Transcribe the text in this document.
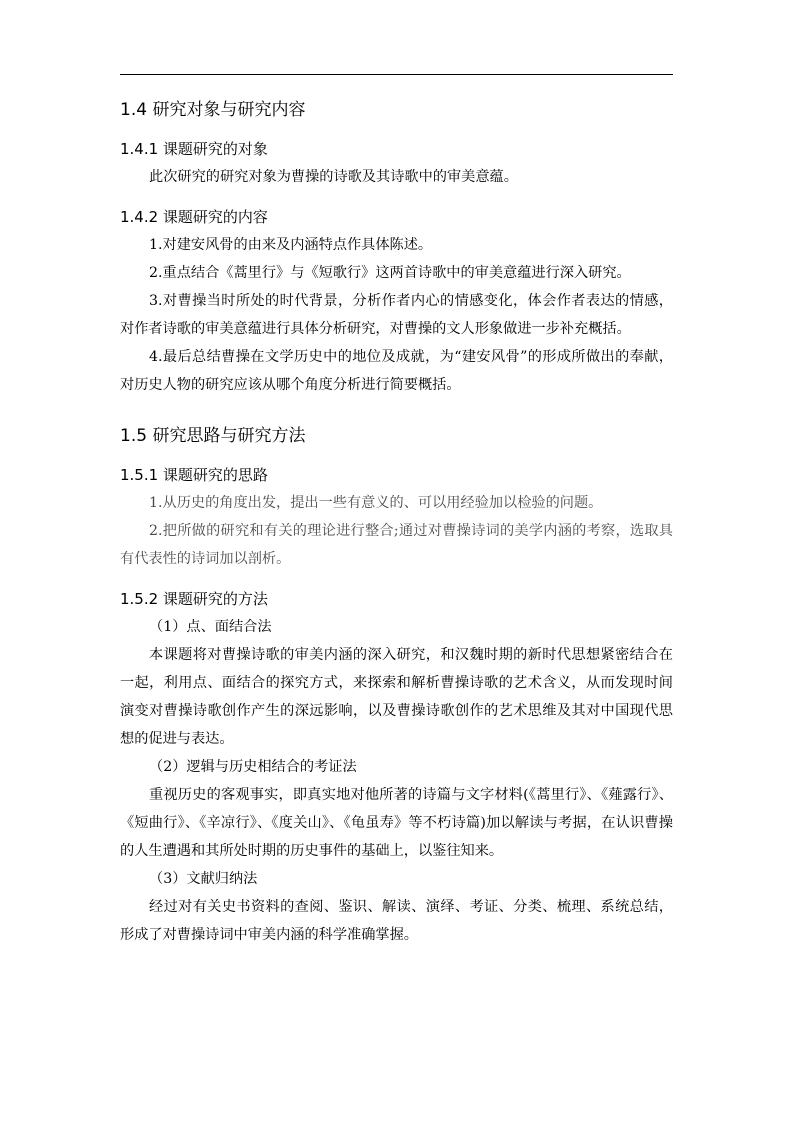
1.4 研究对象与研究内容
1.4.1 课题研究的对象

此次研究的研究对象为曹操的诗歌及其诗歌中的审美意蕴。

1.4.2 课题研究的内容

1.对建安风骨的由来及内涵特点作具体陈述。

2.重点结合《蒿里行》与《短歌行》这两首诗歌中的审美意蕴进行深入研究。

3.对曹操当时所处的时代背景，分析作者内心的情感变化，体会作者表达的情感，对作者诗歌的审美意蕴进行具体分析研究，对曹操的文人形象做进一步补充概括。

4.最后总结曹操在文学历史中的地位及成就，为“建安风骨”的形成所做出的奉献，对历史人物的研究应该从哪个角度分析进行简要概括。

1.5 研究思路与研究方法
1.5.1 课题研究的思路

1.从历史的角度出发，提出一些有意义的、可以用经验加以检验的问题。

2.把所做的研究和有关的理论进行整合;通过对曹操诗词的美学内涵的考察，选取具有代表性的诗词加以剖析。

1.5.2 课题研究的方法

（1）点、面结合法

本课题将对曹操诗歌的审美内涵的深入研究，和汉魏时期的新时代思想紧密结合在一起，利用点、面结合的探究方式，来探索和解析曹操诗歌的艺术含义，从而发现时间演变对曹操诗歌创作产生的深远影响，以及曹操诗歌创作的艺术思维及其对中国现代思想的促进与表达。

（2）逻辑与历史相结合的考证法

重视历史的客观事实，即真实地对他所著的诗篇与文字材料(《蒿里行》、《薤露行》、《短曲行》、《辛凉行》、《度关山》、《龟虽寿》等不朽诗篇)加以解读与考据，在认识曹操的人生遭遇和其所处时期的历史事件的基础上，以鉴往知来。

（3）文献归纳法

经过对有关史书资料的查阅、鉴识、解读、演绎、考证、分类、梳理、系统总结，形成了对曹操诗词中审美内涵的科学准确掌握。
